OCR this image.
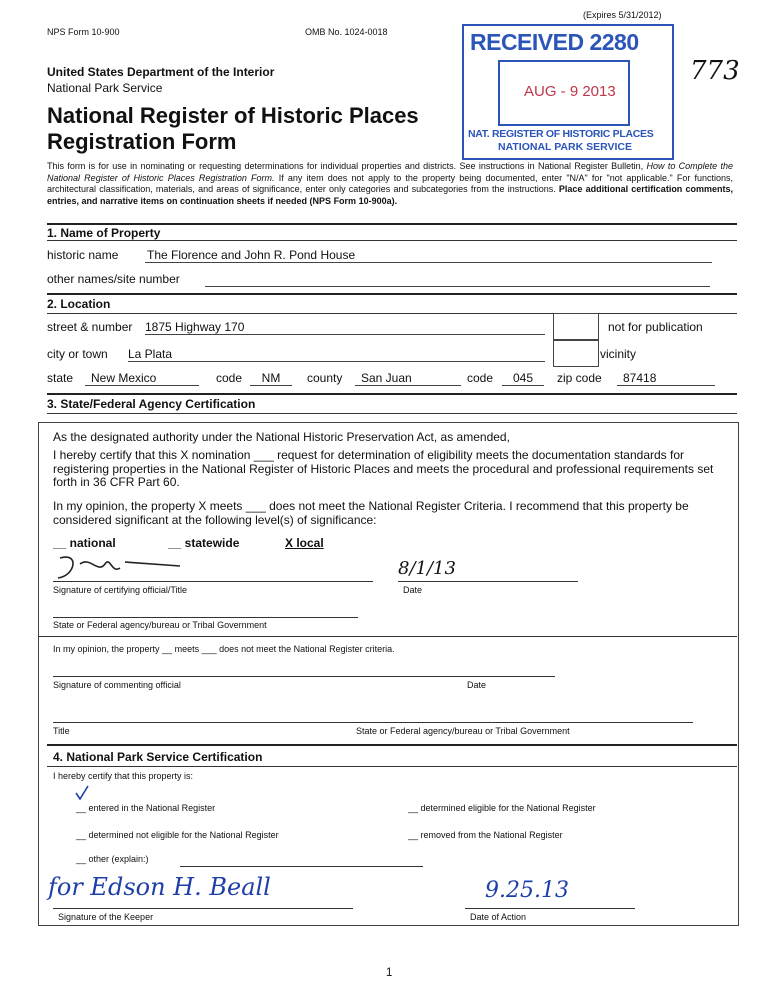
NPS Form 10-900	OMB No. 1024-0018
(Expires 5/31/2012)
RECEIVED 2280
AUG - 9 2013
NAT. REGISTER OF HISTORIC PLACES
NATIONAL PARK SERVICE
773
United States Department of the Interior
National Park Service
National Register of Historic Places
Registration Form

This form is for use in nominating or requesting determinations for individual properties and districts. See instructions in National Register Bulletin, How to Complete the National Register of Historic Places Registration Form. If any item does not apply to the property being documented, enter "N/A" for "not applicable." For functions, architectural classification, materials, and areas of significance, enter only categories and subcategories from the instructions. Place additional certification comments, entries, and narrative items on continuation sheets if needed (NPS Form 10-900a).

1. Name of Property
historic name The Florence and John R. Pond House
other names/site number
2. Location
street & number 1875 Highway 170	not for publication
city or town La Plata	vicinity
state	New Mexico	code	NM	county	San Juan	code	045	zip code	87418
3. State/Federal Agency Certification
As the designated authority under the National Historic Preservation Act, as amended,

I hereby certify that this X nomination ___ request for determination of eligibility meets the documentation standards for registering properties in the National Register of Historic Places and meets the procedural and professional requirements set forth in 36 CFR Part 60.

In my opinion, the property X meets ___ does not meet the National Register Criteria. I recommend that this property be considered significant at the following level(s) of significance:

__ national	__ statewide	X local
8/1/13
Signature of certifying official/Title	Date
State or Federal agency/bureau or Tribal Government
In my opinion, the property __ meets ___ does not meet the National Register criteria.
Signature of commenting official	Date
Title	State or Federal agency/bureau or Tribal Government
4. National Park Service Certification
I hereby certify that this property is:
__ entered in the National Register	__ determined eligible for the National Register
__ determined not eligible for the National Register	__ removed from the National Register
__ other (explain:)
for Edson H. Beall	9.25.13
Signature of the Keeper	Date of Action
1
